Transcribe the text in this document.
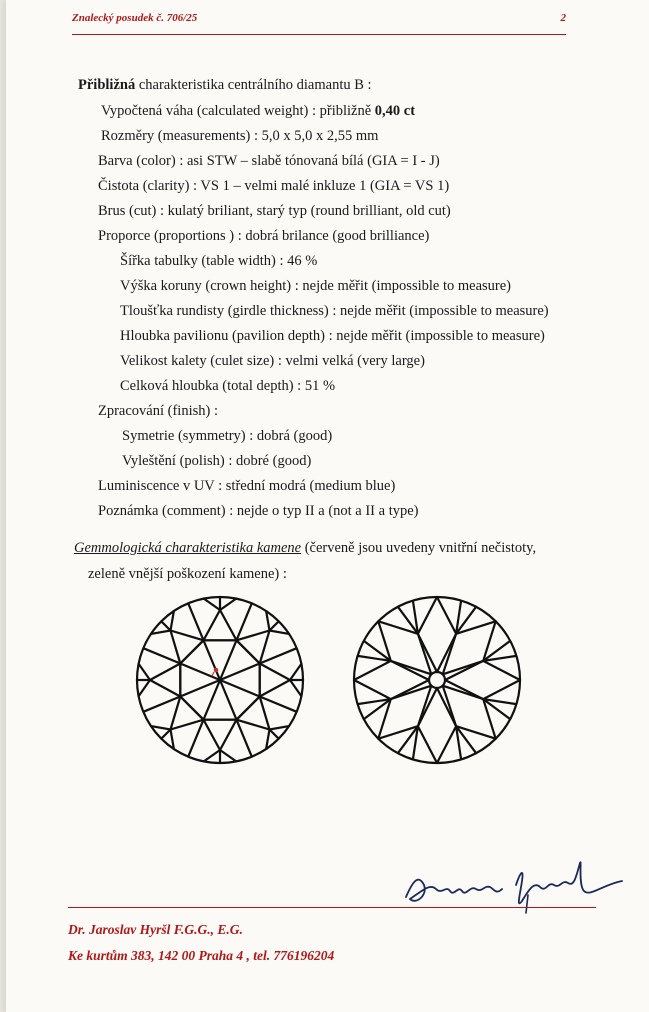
Znalecký posudek č. 706/25	2
Přibližná charakteristika centrálního diamantu B :
Vypočtená váha (calculated weight) : přibližně 0,40 ct
Rozměry (measurements) : 5,0 x 5,0 x 2,55 mm
Barva (color) : asi STW – slabě tónovaná bílá (GIA = I - J)
Čistota (clarity) : VS 1 – velmi malé inkluze 1 (GIA = VS 1)
Brus (cut) : kulatý briliant, starý typ (round brilliant, old cut)
Proporce (proportions ) : dobrá brilance (good brilliance)
Šířka tabulky (table width) : 46 %
Výška koruny (crown height) : nejde měřit (impossible to measure)
Tloušťka rundisty (girdle thickness) : nejde měřit (impossible to measure)
Hloubka pavilionu (pavilion depth) : nejde měřit (impossible to measure)
Velikost kalety (culet size) : velmi velká (very large)
Celková hloubka (total depth) : 51 %
Zpracování (finish) :
Symetrie (symmetry) : dobrá (good)
Vyleštění (polish) : dobré (good)
Luminiscence v UV : střední modrá (medium blue)
Poznámka (comment) : nejde o typ II a (not a II a type)
Gemmologická charakteristika kamene (červeně jsou uvedeny vnitřní nečistoty,
zeleně vnější poškození kamene) :
Dr. Jaroslav Hyršl F.G.G., E.G.
Ke kurtům 383, 142 00 Praha 4 , tel. 776196204
